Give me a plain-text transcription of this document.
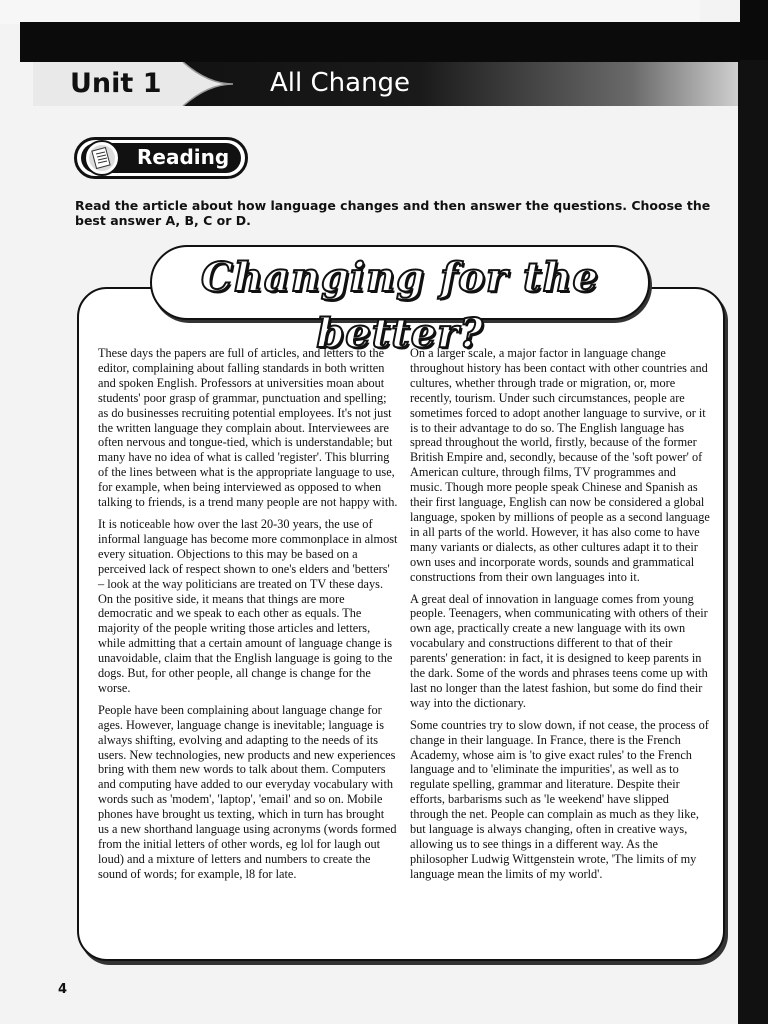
Unit 1	All Change
Reading

Read the article about how language changes and then answer the questions. Choose the best answer A, B, C or D.

Changing for the better?

These days the papers are full of articles, and letters to the editor, complaining about falling standards in both written and spoken English. Professors at universities moan about students' poor grasp of grammar, punctuation and spelling; as do businesses recruiting potential employees. It's not just the written language they complain about. Interviewees are often nervous and tongue-tied, which is understandable; but many have no idea of what is called 'register'. This blurring of the lines between what is the appropriate language to use, for example, when being interviewed as opposed to when talking to friends, is a trend many people are not happy with.

It is noticeable how over the last 20-30 years, the use of informal language has become more commonplace in almost every situation. Objections to this may be based on a perceived lack of respect shown to one's elders and 'betters' – look at the way politicians are treated on TV these days. On the positive side, it means that things are more democratic and we speak to each other as equals. The majority of the people writing those articles and letters, while admitting that a certain amount of language change is unavoidable, claim that the English language is going to the dogs. But, for other people, all change is change for the worse.

People have been complaining about language change for ages. However, language change is inevitable; language is always shifting, evolving and adapting to the needs of its users. New technologies, new products and new experiences bring with them new words to talk about them. Computers and computing have added to our everyday vocabulary with words such as 'modem', 'laptop', 'email' and so on. Mobile phones have brought us texting, which in turn has brought us a new shorthand language using acronyms (words formed from the initial letters of other words, eg lol for laugh out loud) and a mixture of letters and numbers to create the sound of words; for example, l8 for late.

On a larger scale, a major factor in language change throughout history has been contact with other countries and cultures, whether through trade or migration, or, more recently, tourism. Under such circumstances, people are sometimes forced to adopt another language to survive, or it is to their advantage to do so. The English language has spread throughout the world, firstly, because of the former British Empire and, secondly, because of the 'soft power' of American culture, through films, TV programmes and music. Though more people speak Chinese and Spanish as their first language, English can now be considered a global language, spoken by millions of people as a second language in all parts of the world. However, it has also come to have many variants or dialects, as other cultures adapt it to their own uses and incorporate words, sounds and grammatical constructions from their own languages into it.

A great deal of innovation in language comes from young people. Teenagers, when communicating with others of their own age, practically create a new language with its own vocabulary and constructions different to that of their parents' generation: in fact, it is designed to keep parents in the dark. Some of the words and phrases teens come up with last no longer than the latest fashion, but some do find their way into the dictionary.

Some countries try to slow down, if not cease, the process of change in their language. In France, there is the French Academy, whose aim is 'to give exact rules' to the French language and to 'eliminate the impurities', as well as to regulate spelling, grammar and literature. Despite their efforts, barbarisms such as 'le weekend' have slipped through the net. People can complain as much as they like, but language is always changing, often in creative ways, allowing us to see things in a different way. As the philosopher Ludwig Wittgenstein wrote, 'The limits of my language mean the limits of my world'.

4
